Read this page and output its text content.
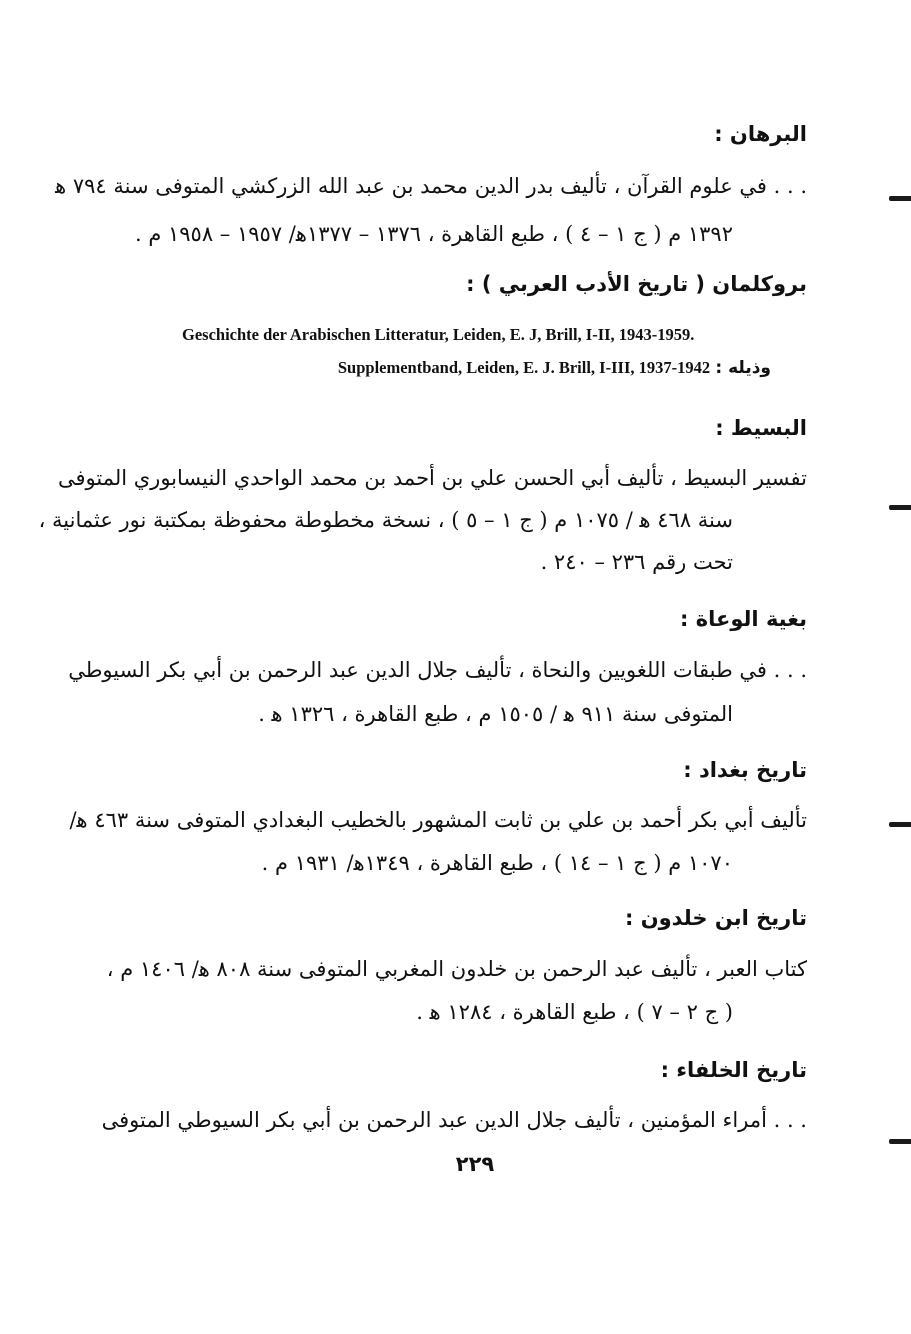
البرهان :
. . . في علوم القرآن ، تأليف بدر الدين محمد بن عبد الله الزركشي المتوفى سنة ٧٩٤ ﻫ
١٣٩٢ م ( ج ١ – ٤ ) ، طبع القاهرة ، ١٣٧٦ – ١٣٧٧ﻫ/ ١٩٥٧ – ١٩٥٨ م .
بروكلمان ( تاريخ الأدب العربي ) :
Geschichte der Arabischen Litteratur, Leiden, E. J, Brill, I-II, 1943-1959.
وذيله : Supplementband, Leiden, E. J. Brill, I-III, 1937-1942
البسيط :
تفسير البسيط ، تأليف أبي الحسن علي بن أحمد بن محمد الواحدي النيسابوري المتوفى
سنة ٤٦٨ ﻫ / ١٠٧٥ م ( ج ١ – ٥ ) ، نسخة مخطوطة محفوظة بمكتبة نور عثمانية ،
تحت رقم ٢٣٦ – ٢٤٠ .
بغية الوعاة :
. . . في طبقات اللغويين والنحاة ، تأليف جلال الدين عبد الرحمن بن أبي بكر السيوطي
المتوفى سنة ٩١١ ﻫ / ١٥٠٥ م ، طبع القاهرة ، ١٣٢٦ ﻫ .
تاريخ بغداد :
تأليف أبي بكر أحمد بن علي بن ثابت المشهور بالخطيب البغدادي المتوفى سنة ٤٦٣ ﻫ/
١٠٧٠ م ( ج ١ – ١٤ ) ، طبع القاهرة ، ١٣٤٩ﻫ/ ١٩٣١ م .
تاريخ ابن خلدون :
كتاب العبر ، تأليف عبد الرحمن بن خلدون المغربي المتوفى سنة ٨٠٨ ﻫ/ ١٤٠٦ م ،
( ج ٢ – ٧ ) ، طبع القاهرة ، ١٢٨٤ ﻫ .
تاريخ الخلفاء :
. . . أمراء المؤمنين ، تأليف جلال الدين عبد الرحمن بن أبي بكر السيوطي المتوفى
٢٢٩
